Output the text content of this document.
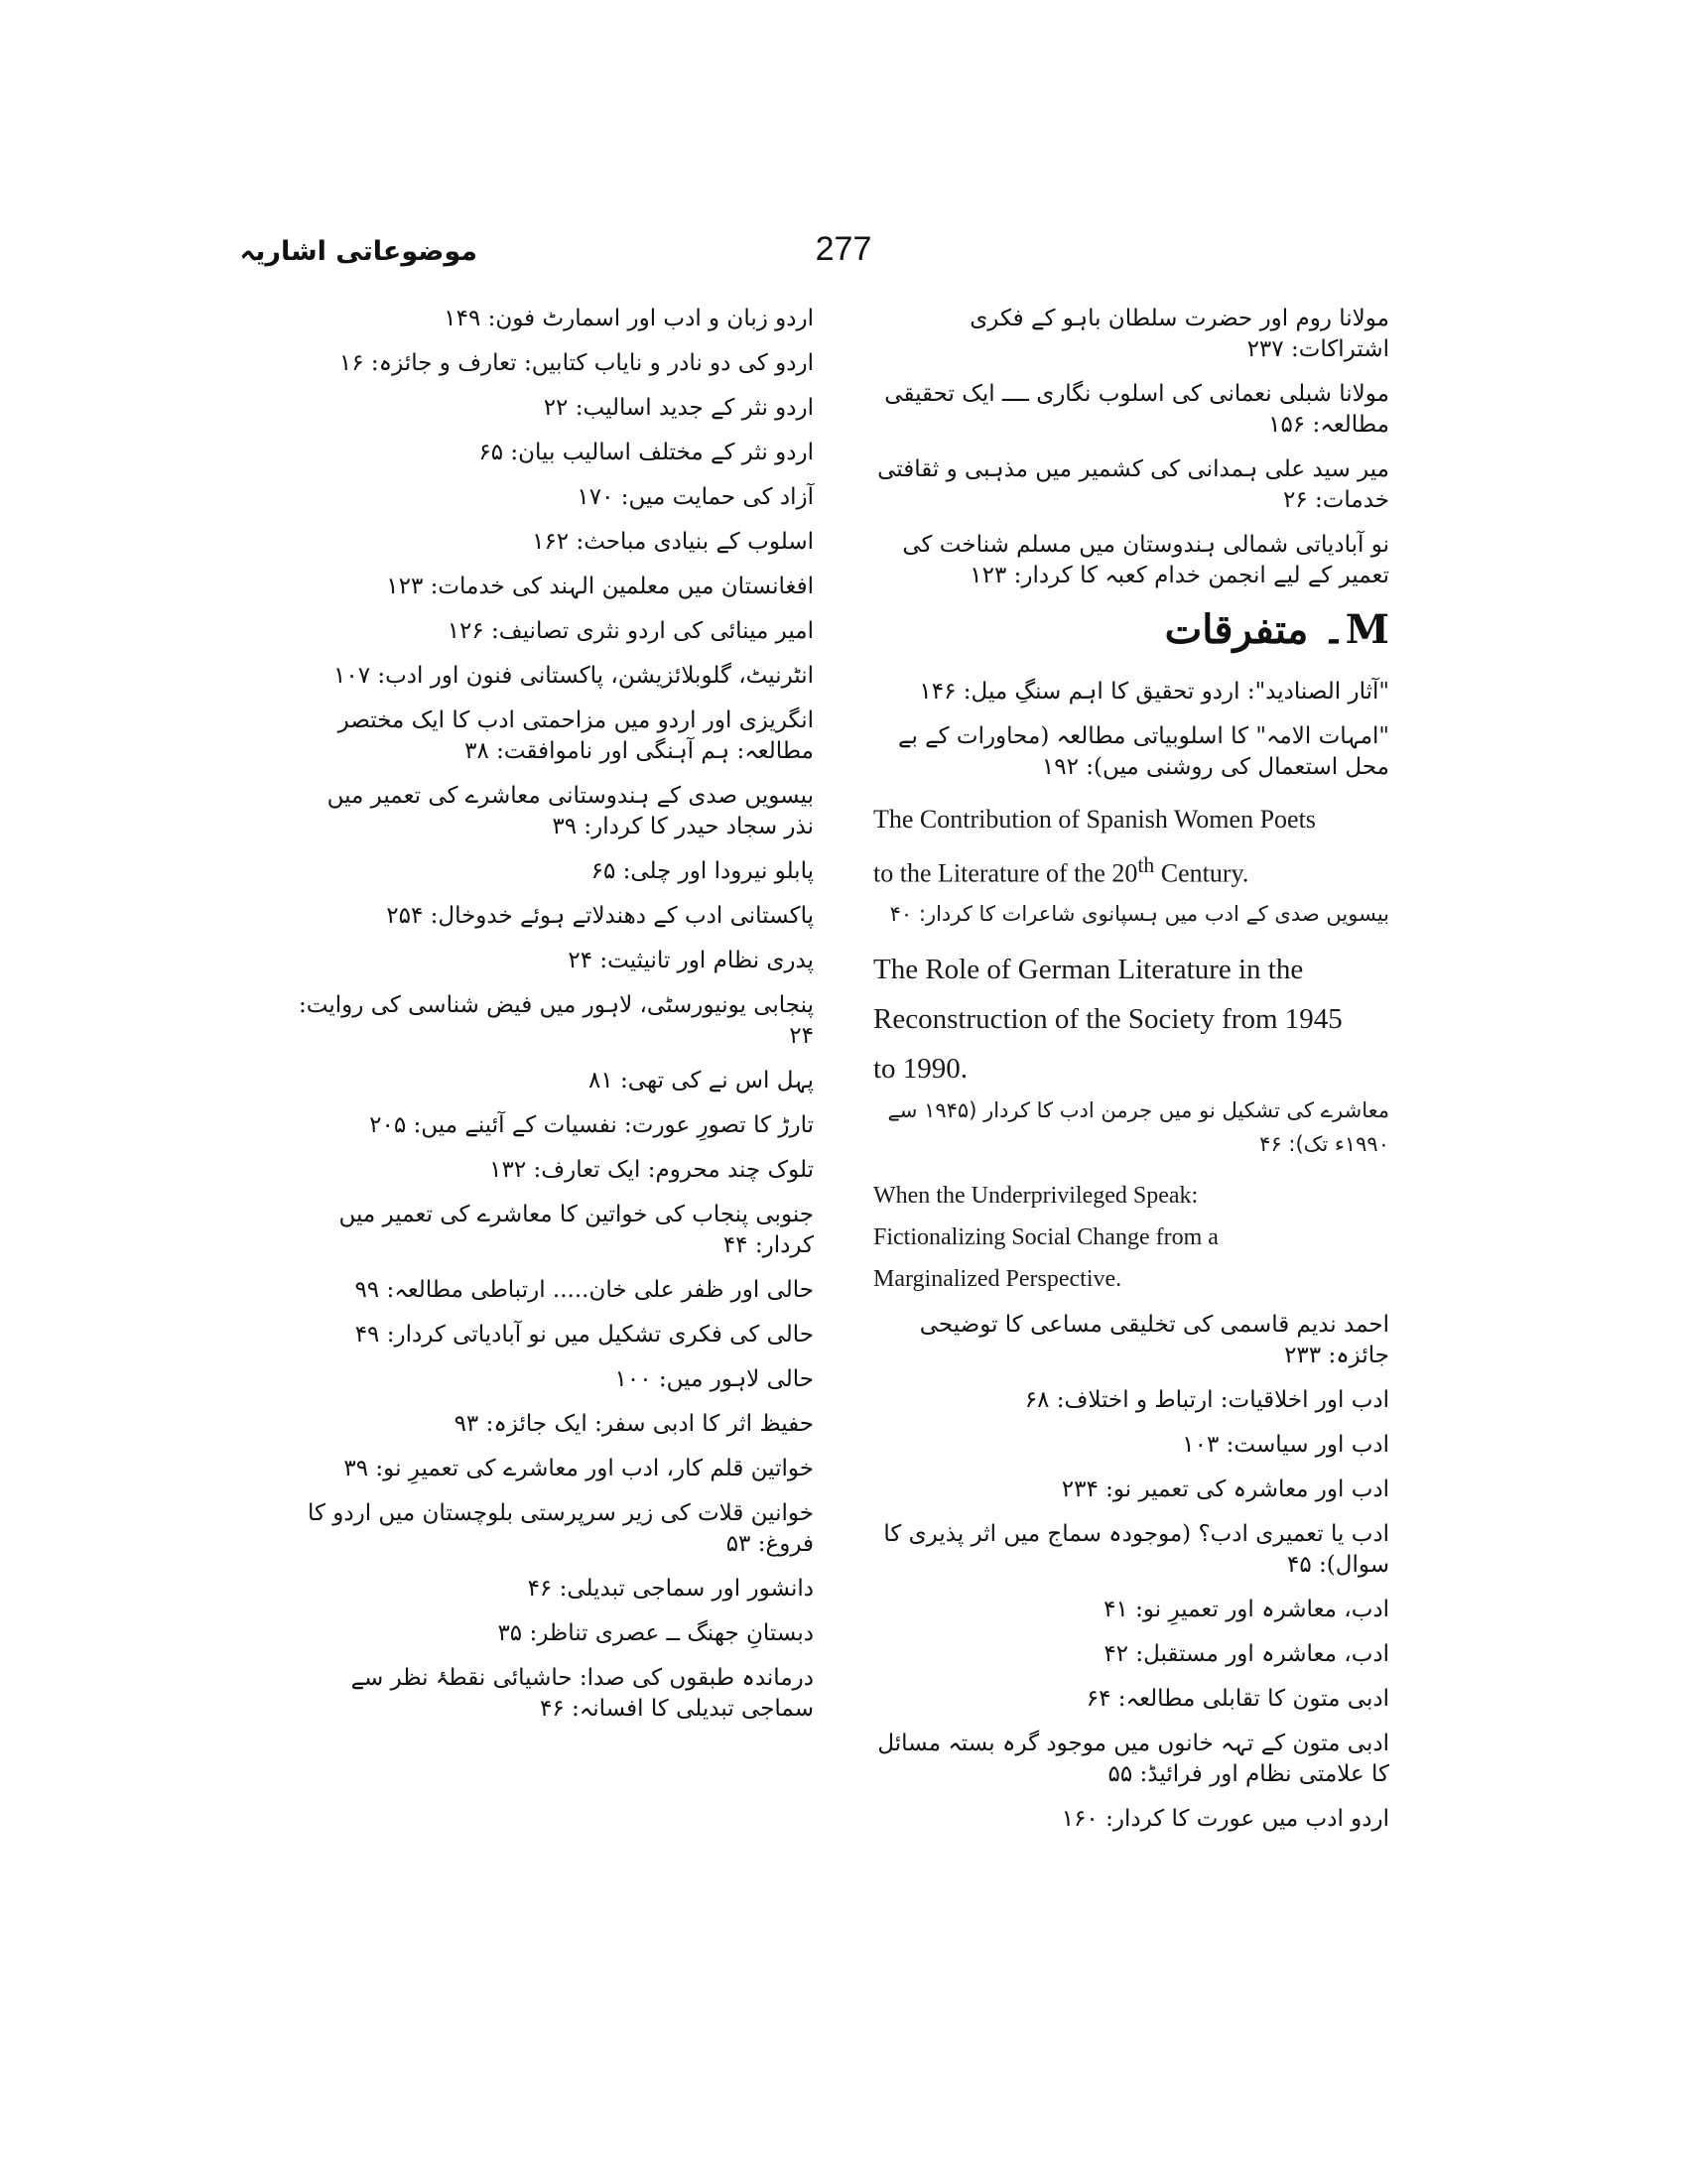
موضوعاتی اشاریہ	277
مولانا روم اور حضرت سلطان باہو کے فکری اشتراکات: ۲۳۷
مولانا شبلی نعمانی کی اسلوب نگاری ــــ ایک تحقیقی مطالعہ: ۱۵۶
میر سید علی ہمدانی کی کشمیر میں مذہبی و ثقافتی خدمات: ۲۶
نو آبادیاتی شمالی ہندوستان میں مسلم شناخت کی تعمیر کے لیے انجمن خدام کعبہ کا کردار: ۱۲۳
M۔ متفرقات
"آثار الصنادید": اردو تحقیق کا اہم سنگِ میل: ۱۴۶
"امہات الامہ" کا اسلوبیاتی مطالعہ (محاورات کے بے محل استعمال کی روشنی میں): ۱۹۲
The Contribution of Spanish Women Poets
to the Literature of the 20th Century.
بیسویں صدی کے ادب میں ہسپانوی شاعرات کا کردار: ۴۰
The Role of German Literature in the
Reconstruction of the Society from 1945
to 1990.
معاشرے کی تشکیل نو میں جرمن ادب کا کردار (۱۹۴۵ سے ۱۹۹۰ء تک): ۴۶
When the Underprivileged Speak:
Fictionalizing Social Change from a
Marginalized Perspective.
احمد ندیم قاسمی کی تخلیقی مساعی کا توضیحی جائزہ: ۲۳۳
ادب اور اخلاقیات: ارتباط و اختلاف: ۶۸
ادب اور سیاست: ۱۰۳
ادب اور معاشرہ کی تعمیر نو: ۲۳۴
ادب یا تعمیری ادب؟ (موجودہ سماج میں اثر پذیری کا سوال): ۴۵
ادب، معاشرہ اور تعمیرِ نو: ۴۱
ادب، معاشرہ اور مستقبل: ۴۲
ادبی متون کا تقابلی مطالعہ: ۶۴
ادبی متون کے تہہ خانوں میں موجود گرہ بستہ مسائل کا علامتی نظام اور فرائیڈ: ۵۵
اردو ادب میں عورت کا کردار: ۱۶۰
اردو زبان و ادب اور اسمارٹ فون: ۱۴۹
اردو کی دو نادر و نایاب کتابیں: تعارف و جائزہ: ۱۶
اردو نثر کے جدید اسالیب: ۲۲
اردو نثر کے مختلف اسالیب بیان: ۶۵
آزاد کی حمایت میں: ۱۷۰
اسلوب کے بنیادی مباحث: ۱۶۲
افغانستان میں معلمین الہند کی خدمات: ۱۲۳
امیر مینائی کی اردو نثری تصانیف: ۱۲۶
انٹرنیٹ، گلوبلائزیشن، پاکستانی فنون اور ادب: ۱۰۷
انگریزی اور اردو میں مزاحمتی ادب کا ایک مختصر مطالعہ: ہم آہنگی اور ناموافقت: ۳۸
بیسویں صدی کے ہندوستانی معاشرے کی تعمیر میں نذر سجاد حیدر کا کردار: ۳۹
پابلو نیرودا اور چلی: ۶۵
پاکستانی ادب کے دھندلاتے ہوئے خدوخال: ۲۵۴
پدری نظام اور تانیثیت: ۲۴
پنجابی یونیورسٹی، لاہور میں فیض شناسی کی روایت: ۲۴
پہل اس نے کی تھی: ۸۱
تارڑ کا تصورِ عورت: نفسیات کے آئینے میں: ۲۰۵
تلوک چند محروم: ایک تعارف: ۱۳۲
جنوبی پنجاب کی خواتین کا معاشرے کی تعمیر میں کردار: ۴۴
حالی اور ظفر علی خان..... ارتباطی مطالعہ: ۹۹
حالی کی فکری تشکیل میں نو آبادیاتی کردار: ۴۹
حالی لاہور میں: ۱۰۰
حفیظ اثر کا ادبی سفر: ایک جائزہ: ۹۳
خواتین قلم کار، ادب اور معاشرے کی تعمیرِ نو: ۳۹
خوانین قلات کی زیر سرپرستی بلوچستان میں اردو کا فروغ: ۵۳
دانشور اور سماجی تبدیلی: ۴۶
دبستانِ جھنگ ــ عصری تناظر: ۳۵
درماندہ طبقوں کی صدا: حاشیائی نقطۂ نظر سے سماجی تبدیلی کا افسانہ: ۴۶
